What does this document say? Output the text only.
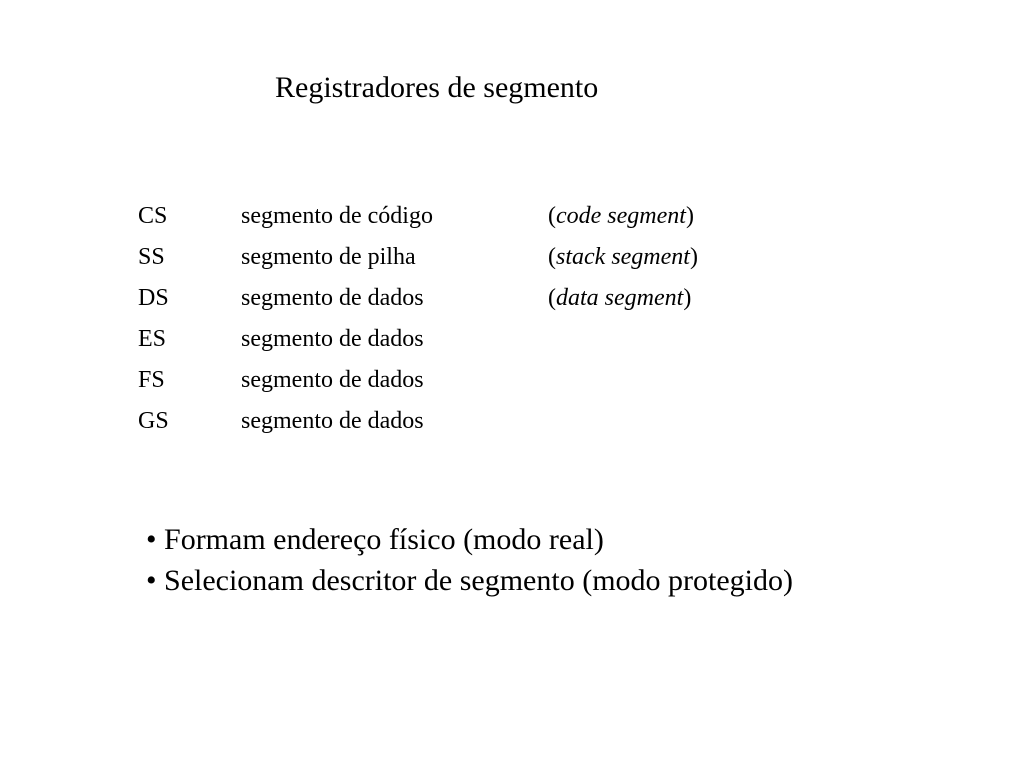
Registradores de segmento
CS	segmento de código	(code segment)
SS	segmento de pilha	(stack segment)
DS	segmento de dados	(data segment)
ES	segmento de dados
FS	segmento de dados
GS	segmento de dados
• Formam endereço físico (modo real)
• Selecionam descritor de segmento (modo protegido)
